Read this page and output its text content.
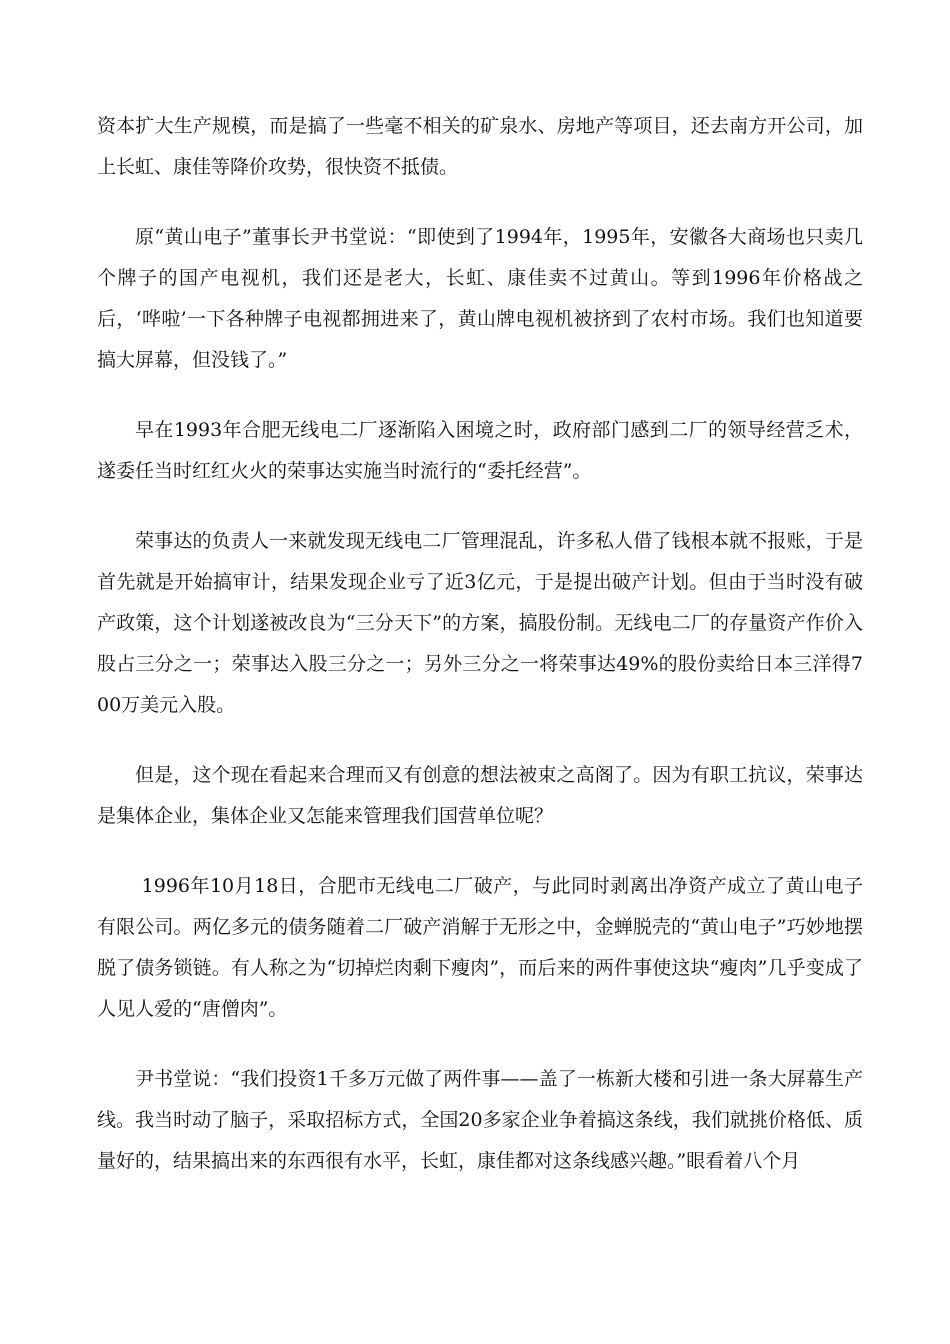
资本扩大生产规模，而是搞了一些毫不相关的矿泉水、房地产等项目，还去南方开公司，加上长虹、康佳等降价攻势，很快资不抵债。

原“黄山电子”董事长尹书堂说：“即使到了1994年，1995年，安徽各大商场也只卖几个牌子的国产电视机，我们还是老大，长虹、康佳卖不过黄山。等到1996年价格战之后，‘哗啦’一下各种牌子电视都拥进来了，黄山牌电视机被挤到了农村市场。我们也知道要搞大屏幕，但没钱了。”

早在1993年合肥无线电二厂逐渐陷入困境之时，政府部门感到二厂的领导经营乏术，遂委任当时红红火火的荣事达实施当时流行的“委托经营”。

荣事达的负责人一来就发现无线电二厂管理混乱，许多私人借了钱根本就不报账，于是首先就是开始搞审计，结果发现企业亏了近3亿元，于是提出破产计划。但由于当时没有破产政策，这个计划遂被改良为“三分天下”的方案，搞股份制。无线电二厂的存量资产作价入股占三分之一；荣事达入股三分之一；另外三分之一将荣事达49%的股份卖给日本三洋得700万美元入股。

但是，这个现在看起来合理而又有创意的想法被束之高阁了。因为有职工抗议，荣事达是集体企业，集体企业又怎能来管理我们国营单位呢？

1996年10月18日，合肥市无线电二厂破产，与此同时剥离出净资产成立了黄山电子有限公司。两亿多元的债务随着二厂破产消解于无形之中，金蝉脱壳的“黄山电子”巧妙地摆脱了债务锁链。有人称之为“切掉烂肉剩下瘦肉”，而后来的两件事使这块“瘦肉”几乎变成了人见人爱的“唐僧肉”。

尹书堂说：“我们投资1千多万元做了两件事——盖了一栋新大楼和引进一条大屏幕生产线。我当时动了脑子，采取招标方式，全国20多家企业争着搞这条线，我们就挑价格低、质量好的，结果搞出来的东西很有水平，长虹，康佳都对这条线感兴趣。”眼看着八个月
